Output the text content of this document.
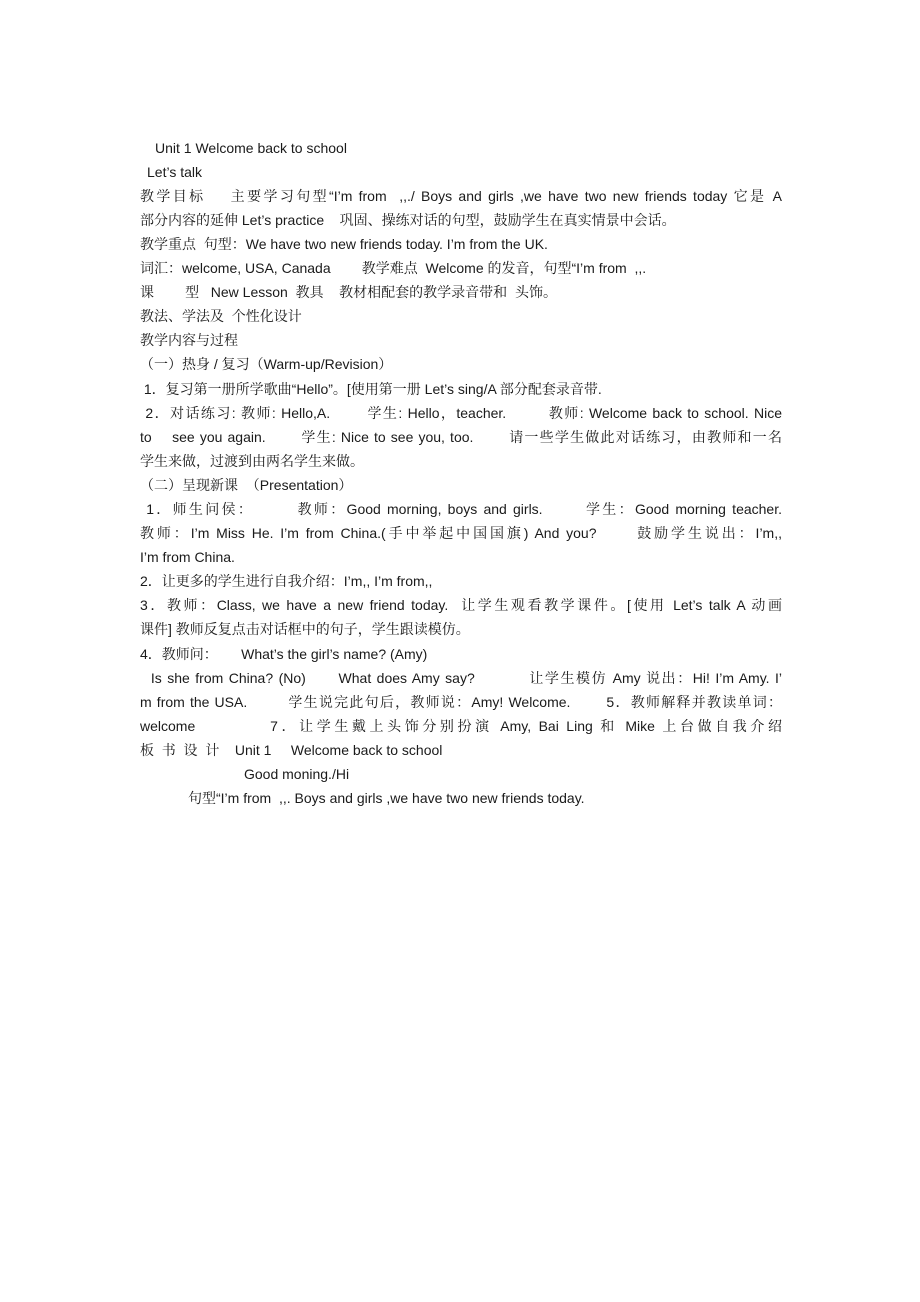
Unit 1 Welcome back to school
Let’s talk
教学目标    主要学习句型“I’m from  ,,./ Boys and girls ,we have two new friends today 它是 A
部分内容的延伸 Let’s practice    巩固、操练对话的句型，鼓励学生在真实情景中会话。
教学重点  句型：We have two new friends today. I’m from the UK.
词汇：welcome, USA, Canada        教学难点  Welcome 的发音，句型“I’m from  ,,.
课        型   New Lesson  教具    教材相配套的教学录音带和  头饰。
教法、学法及  个性化设计
教学内容与过程
（一）热身 / 复习（Warm-up/Revision）
1．复习第一册所学歌曲“Hello”。[使用第一册 Let’s sing/A 部分配套录音带.
2．对话练习: 教师: Hello,A.       学生: Hello，teacher.        教师: Welcome back to school. Nice
to    see you again.       学生: Nice to see you, too.       请一些学生做此对话练习，由教师和一名
学生来做，过渡到由两名学生来做。
（二）呈现新课  （Presentation）
1．师生问侯：       教师：Good morning, boys and girls.       学生：Good morning teacher.
教师：I’m Miss He. I’m from China.(手中举起中国国旗) And you?      鼓励学生说出：I’m,,
I’m from China.
2．让更多的学生进行自我介绍：I’m,, I’m from,,
3．教师：Class, we have a new friend today.  让学生观看教学课件。[使用 Let’s talk A 动画
课件] 教师反复点击对话框中的句子，学生跟读模仿。
4．教师问：      What’s the girl’s name? (Amy)
Is she from China? (No)      What does Amy say?          让学生模仿 Amy 说出：Hi! I’m Amy. I’
m from the USA.        学生说完此句后，教师说：Amy! Welcome.       5．教师解释并教读单词：
welcome          7．让学生戴上头饰分别扮演 Amy, Bai Ling 和 Mike 上台做自我介绍
板  书  设  计    Unit 1     Welcome back to school
Good moning./Hi
句型“I’m from  ,,. Boys and girls ,we have two new friends today.
